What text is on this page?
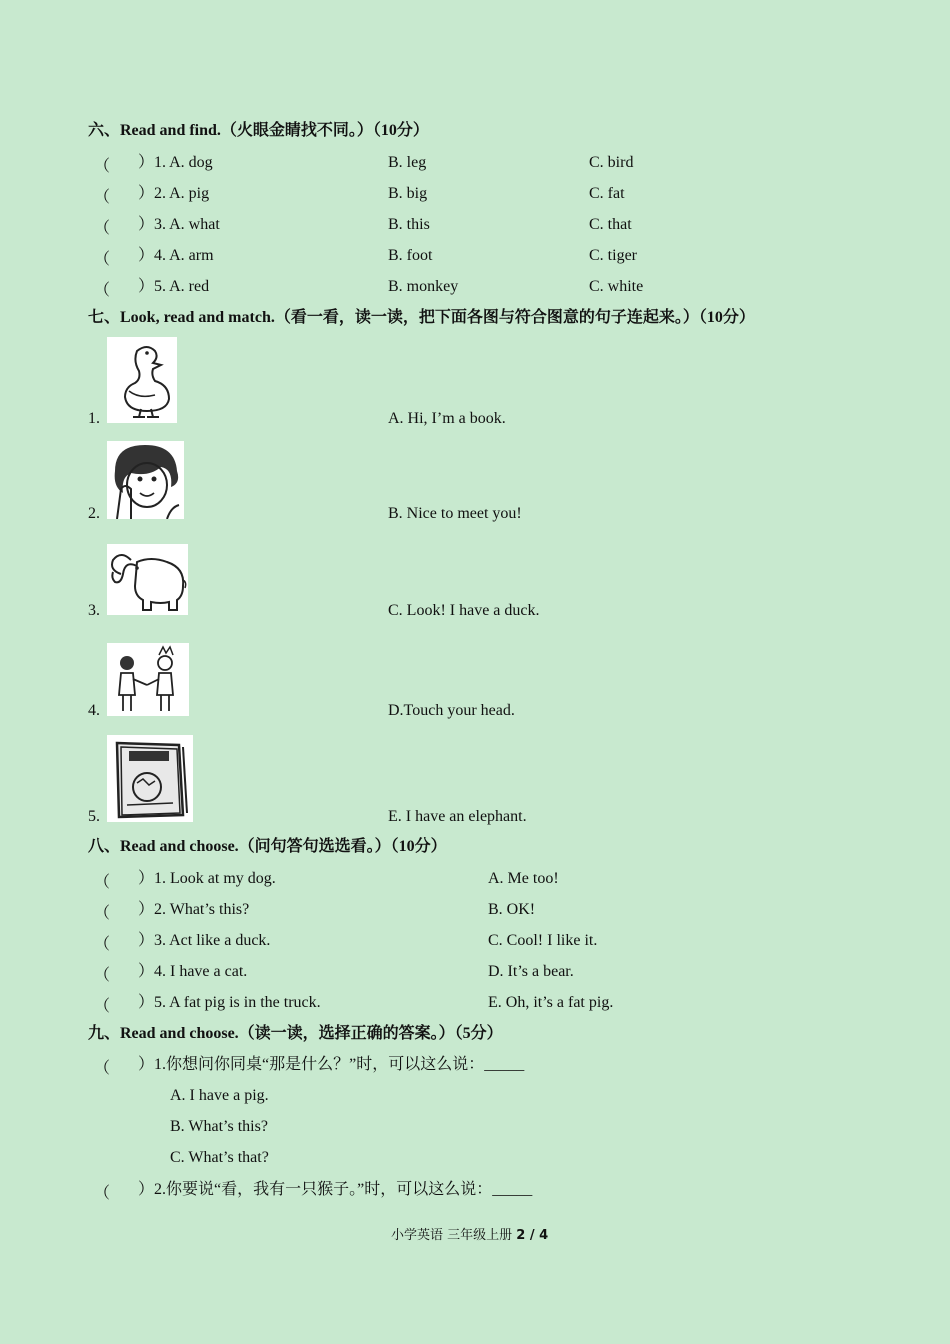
六、Read and find.（火眼金睛找不同。）（10分）
（ ）1. A. dog	B. leg	C. bird
（ ）2. A. pig	B. big	C. fat
（ ）3. A. what	B. this	C. that
（ ）4. A. arm	B. foot	C. tiger
（ ）5. A. red	B. monkey	C. white
七、Look, read and match.（看一看，读一读，把下面各图与符合图意的句子连起来。）（10分）
1.	A. Hi, I’m a book.
2.	B. Nice to meet you!
3.	C. Look! I have a duck.
4.	D.Touch your head.
5.	E. I have an elephant.
八、Read and choose.（问句答句选选看。）（10分）
（ ）1. Look at my dog.	A. Me too!
（ ）2. What’s this?	B. OK!
（ ）3. Act like a duck.	C. Cool! I like it.
（ ）4. I have a cat.	D. It’s a bear.
（ ）5. A fat pig is in the truck.	E. Oh, it’s a fat pig.
九、Read and choose.（读一读，选择正确的答案。）（5分）
（ ）1.你想问你同桌“那是什么？”时，可以这么说：_____
A. I have a pig.
B. What’s this?
C. What’s that?
（ ）2.你要说“看，我有一只猴子。”时，可以这么说：_____
小学英语 三年级上册 2 / 4
